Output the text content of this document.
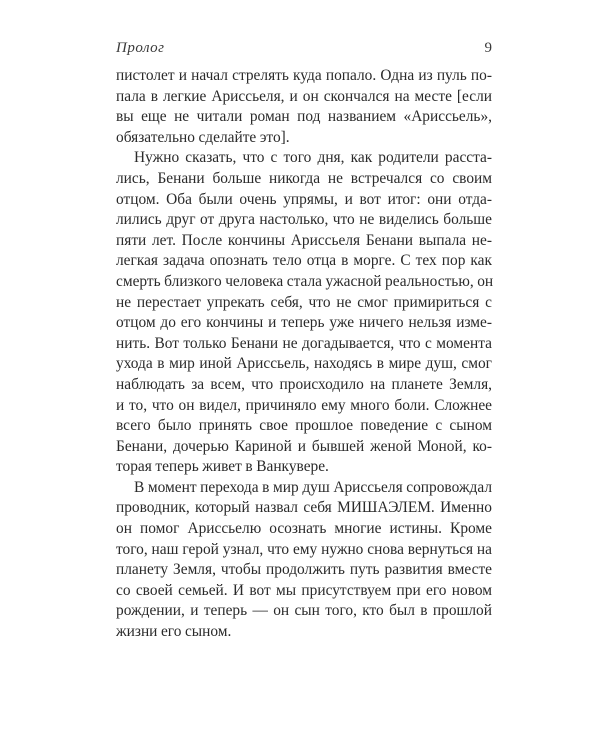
Пролог	9

пистолет и начал стрелять куда попало. Одна из пуль по-
пала в легкие Ариссьеля, и он скончался на месте [если
вы еще не читали роман под названием «Ариссьель»,
обязательно сделайте это].

Нужно сказать, что с того дня, как родители расста-
лись, Бенани больше никогда не встречался со своим
отцом. Оба были очень упрямы, и вот итог: они отда-
лились друг от друга настолько, что не виделись больше
пяти лет. После кончины Ариссьеля Бенани выпала не-
легкая задача опознать тело отца в морге. С тех пор как
смерть близкого человека стала ужасной реальностью, он
не перестает упрекать себя, что не смог примириться с
отцом до его кончины и теперь уже ничего нельзя изме-
нить. Вот только Бенани не догадывается, что с момента
ухода в мир иной Ариссьель, находясь в мире душ, смог
наблюдать за всем, что происходило на планете Земля,
и то, что он видел, причиняло ему много боли. Сложнее
всего было принять свое прошлое поведение с сыном
Бенани, дочерью Кариной и бывшей женой Моной, ко-
торая теперь живет в Ванкувере.

В момент перехода в мир душ Ариссьеля сопровождал
проводник, который назвал себя МИШАЭЛЕМ. Именно
он помог Ариссьелю осознать многие истины. Кроме
того, наш герой узнал, что ему нужно снова вернуться на
планету Земля, чтобы продолжить путь развития вместе
со своей семьей. И вот мы присутствуем при его новом
рождении, и теперь — он сын того, кто был в прошлой
жизни его сыном.
